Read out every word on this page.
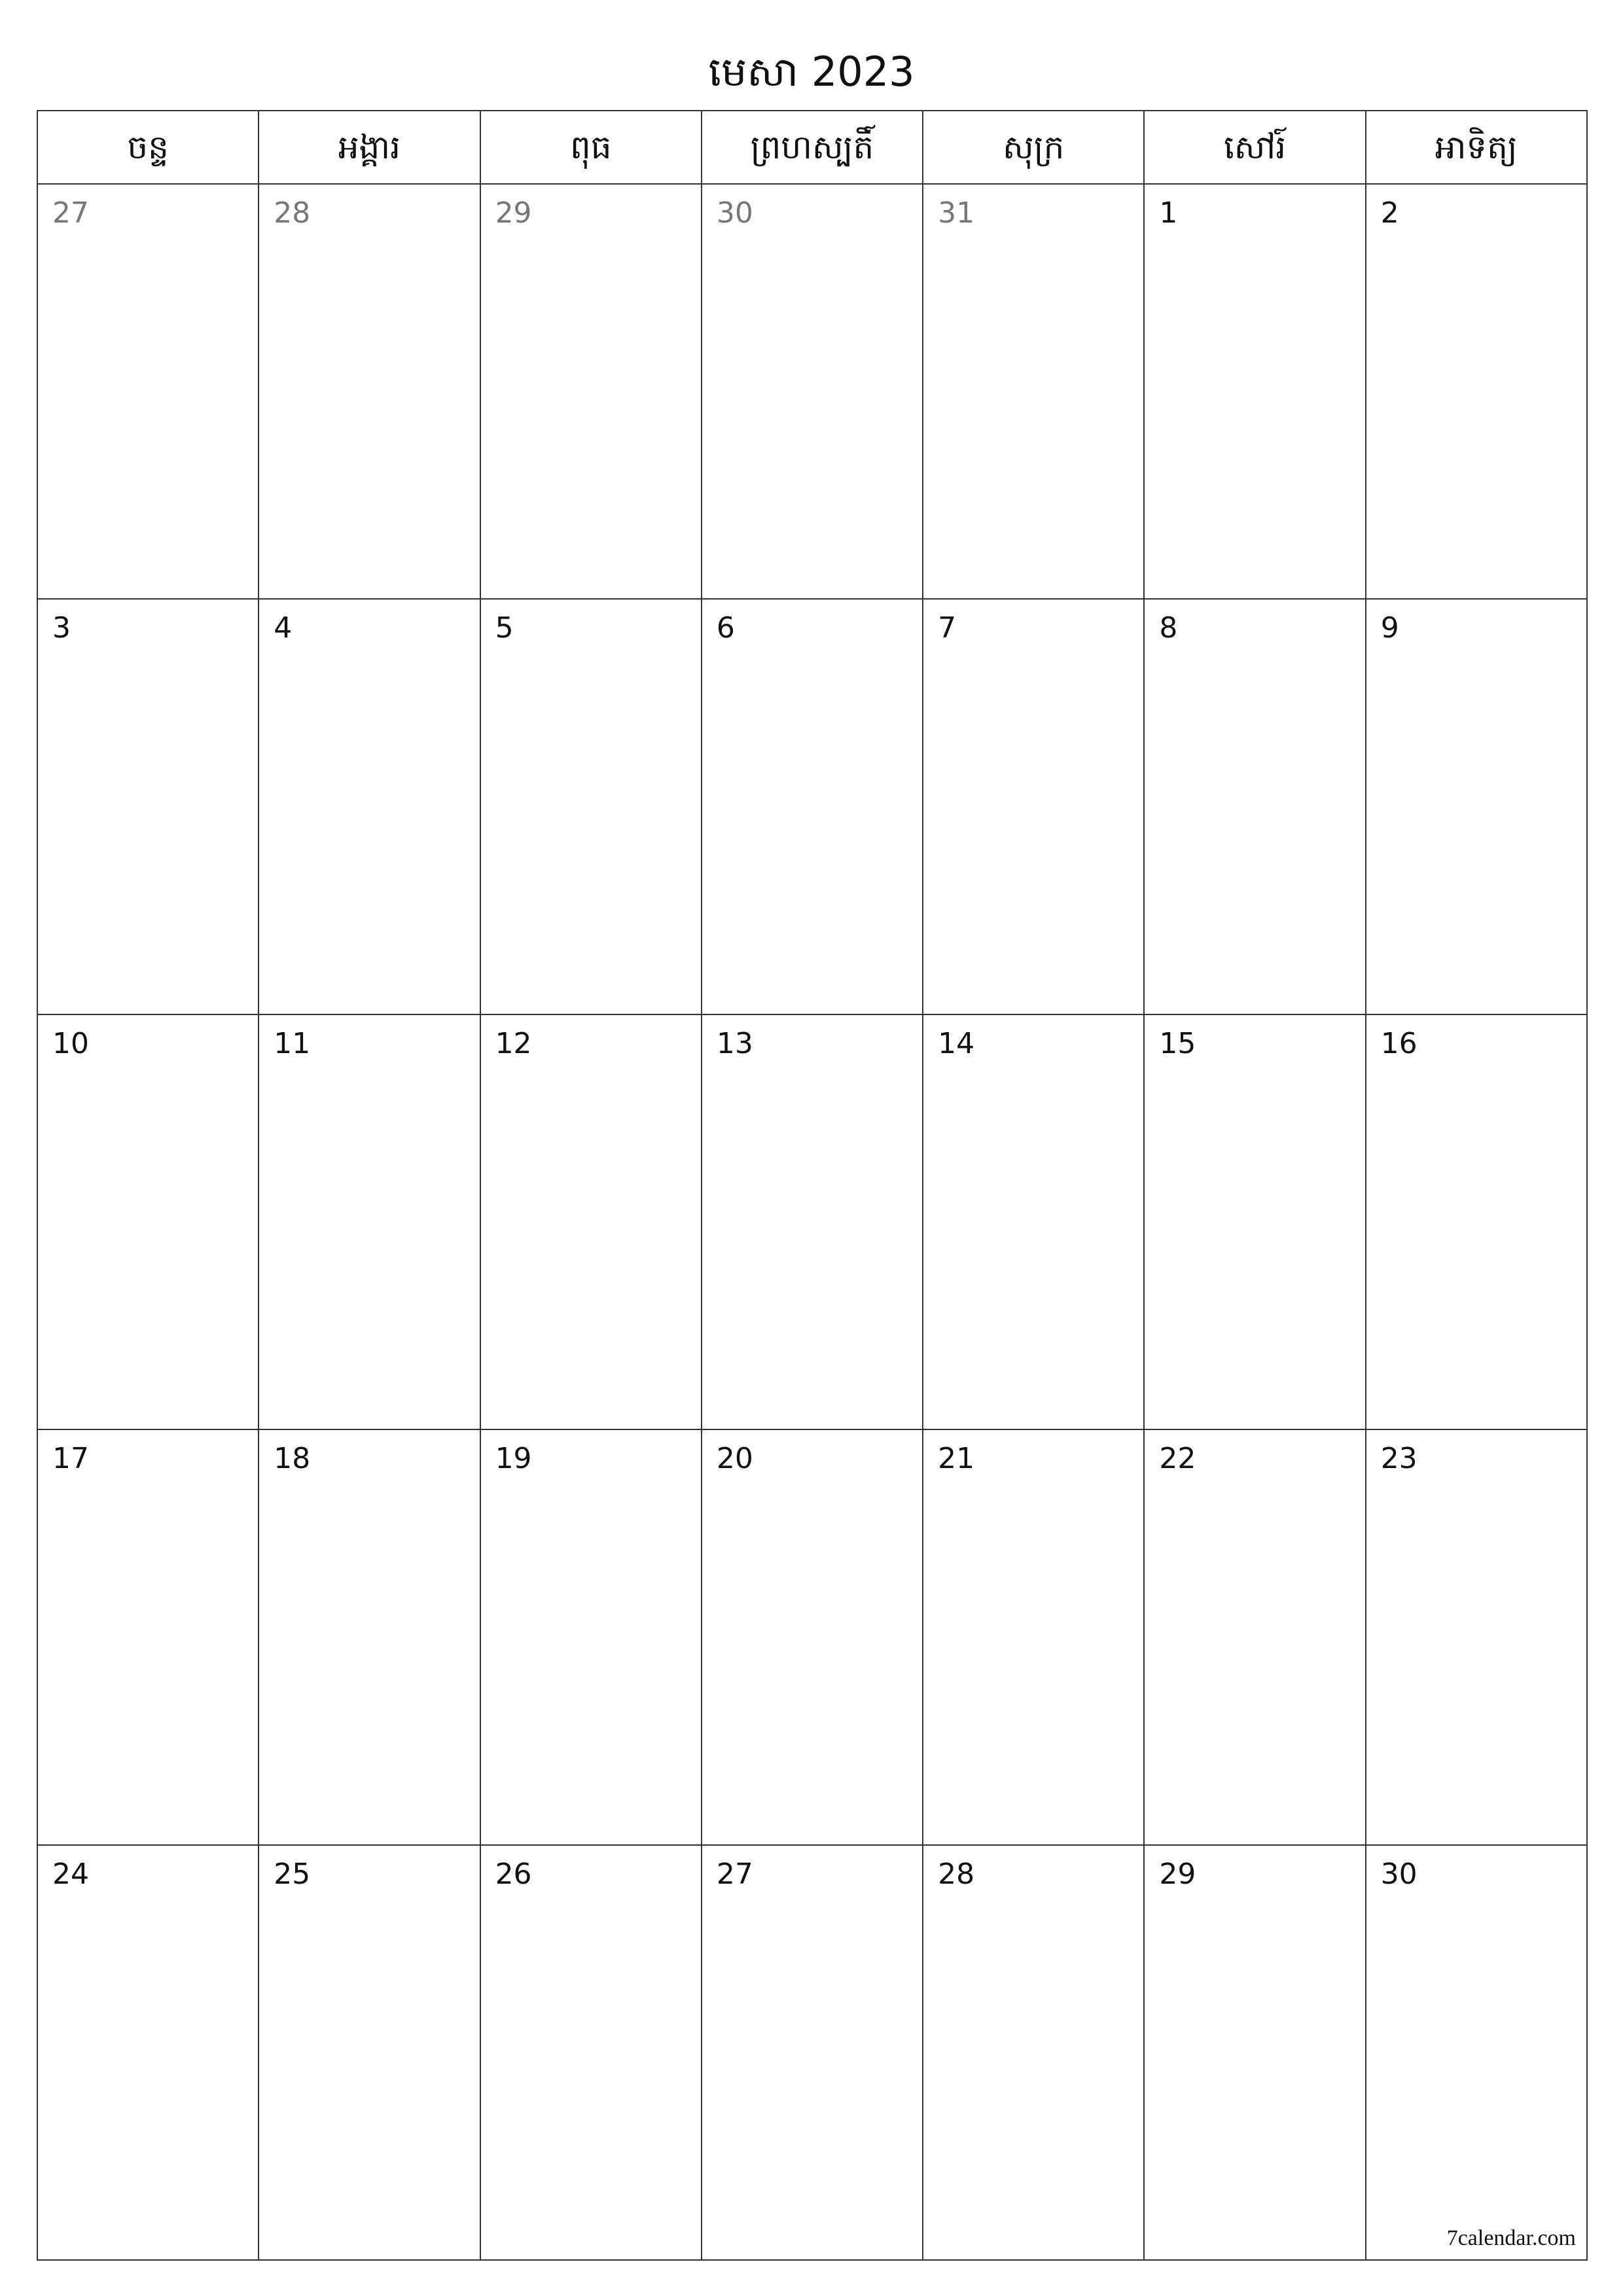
មេសា 2023
ចន្ទ	អង្គារ	ពុធ	ព្រហស្បតិ៍	សុក្រ	សៅរ៍	អាទិត្យ
27	28	29	30	31	1	2
3	4	5	6	7	8	9
10	11	12	13	14	15	16
17	18	19	20	21	22	23
24	25	26	27	28	29	30
7calendar.com
